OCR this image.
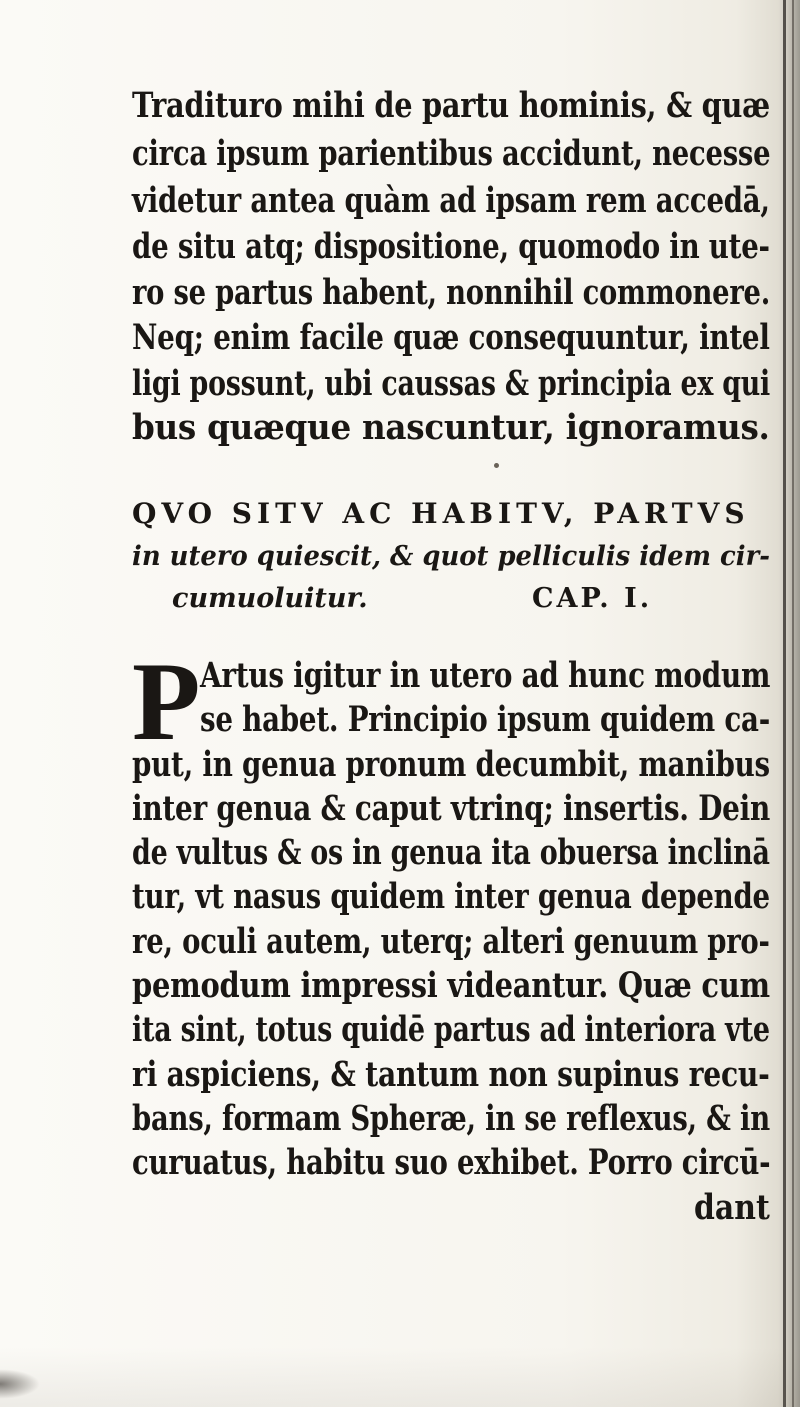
Tradituro mihi de partu hominis, & quæ
circa ipsum parientibus accidunt, necesse
videtur antea quàm ad ipsam rem accedā,
de situ atq; dispositione, quomodo in ute-
ro se partus habent, nonnihil commonere.
Neq; enim facile quæ consequuntur, intel
ligi possunt, ubi caussas & principia ex qui
bus quæque nascuntur, ignoramus.
QVO SITV AC HABITV, PARTVS
in utero quiescit, & quot pelliculis idem cir-
cumuoluitur.	CAP. I.
P Artus igitur in utero ad hunc modum
se habet. Principio ipsum quidem ca-
put, in genua pronum decumbit, manibus
inter genua & caput vtrinq; insertis. Dein
de vultus & os in genua ita obuersa inclinā
tur, vt nasus quidem inter genua depende
re, oculi autem, uterq; alteri genuum pro-
pemodum impressi videantur. Quæ cum
ita sint, totus quidē partus ad interiora vte
ri aspiciens, & tantum non supinus recu-
bans, formam Spheræ, in se reflexus, & in
curuatus, habitu suo exhibet. Porro circū-
dant
